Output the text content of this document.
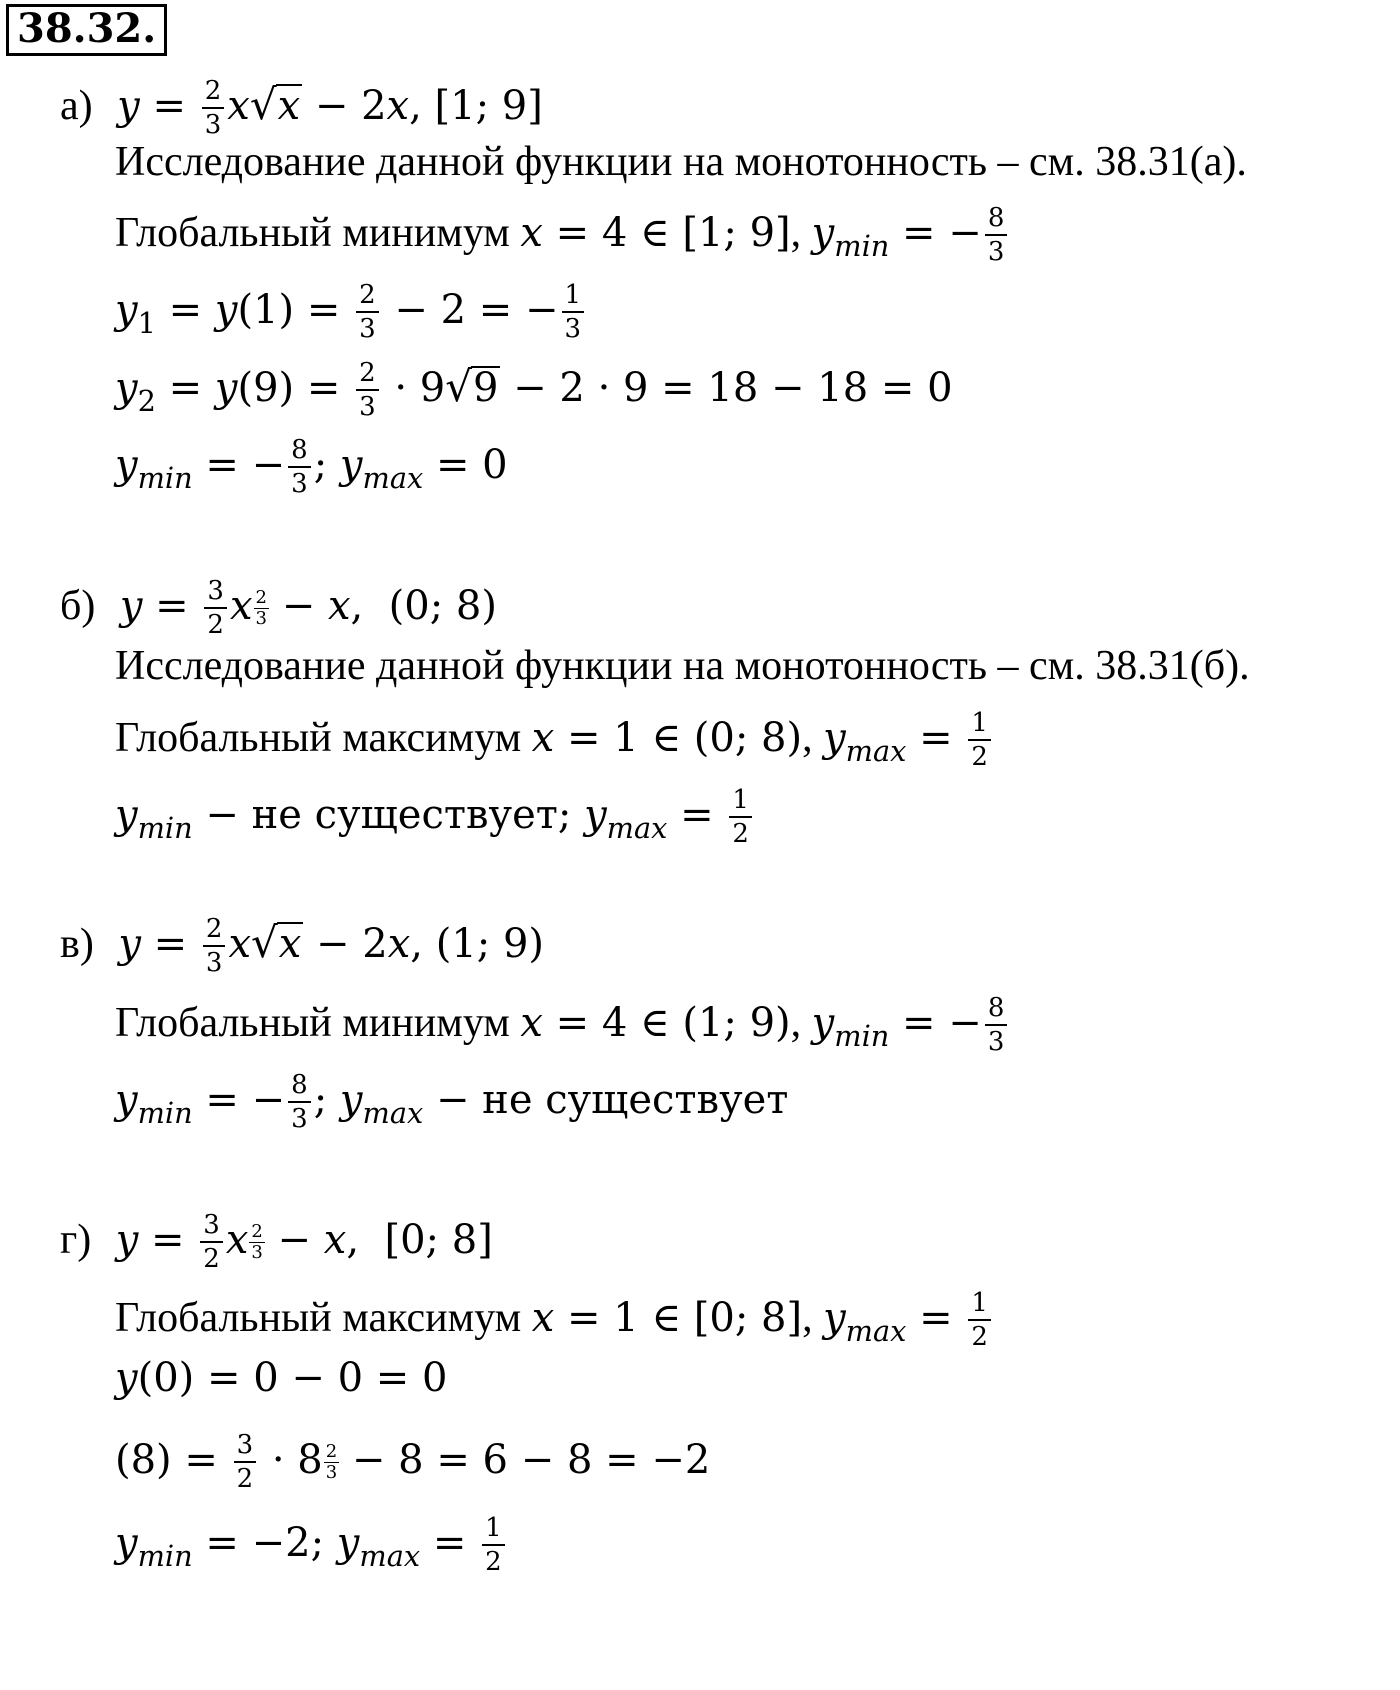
38.32.
а) $y = \frac{2}{3}$ x √ x − 2x, [1; 9]
Исследование данной функции на монотонность – см. 38.31(а).
Глобальный минимум x = 4 ∈ [1; 9], $y_{min}$ = − $\frac{8}{3}$
$y_1 = y(1) = \frac{2}{3} - 2$ = − $\frac{1}{3}$
$y_2 = y(9) = \frac{2}{3} \cdot 9$ √ 9 − 2 · 9 = 18 − 18 = 0
$y_{min}$ = − $\frac{8}{3}$ ; $y_{max} = 0$
б) $y = \frac{3}{2}$ x $\frac{2}{3} - x$,  (0; 8)
Исследование данной функции на монотонность – см. 38.31(б).
Глобальный максимум x = 1 ∈ (0; 8), $y_{max} = \frac{1}{2}$
$y_{min}$ − не существует; $y_{max} = \frac{1}{2}$
в) $y = \frac{2}{3}$ x √ x − 2x, (1; 9)
Глобальный минимум x = 4 ∈ (1; 9), $y_{min}$ = − $\frac{8}{3}$
$y_{min}$ = − $\frac{8}{3}$ ; $y_{max}$ − не существует
г) $y = \frac{3}{2}$ x $\frac{2}{3} - x$,  [0; 8]
Глобальный максимум x = 1 ∈ [0; 8], $y_{max} = \frac{1}{2}$
y(0) = 0 − 0 = 0
$(8) = \frac{3}{2} \cdot 8 \frac{2}{3} - 8 = 6 - 8 = -2$
$y_{min} = -2$; $y_{max} = \frac{1}{2}$
